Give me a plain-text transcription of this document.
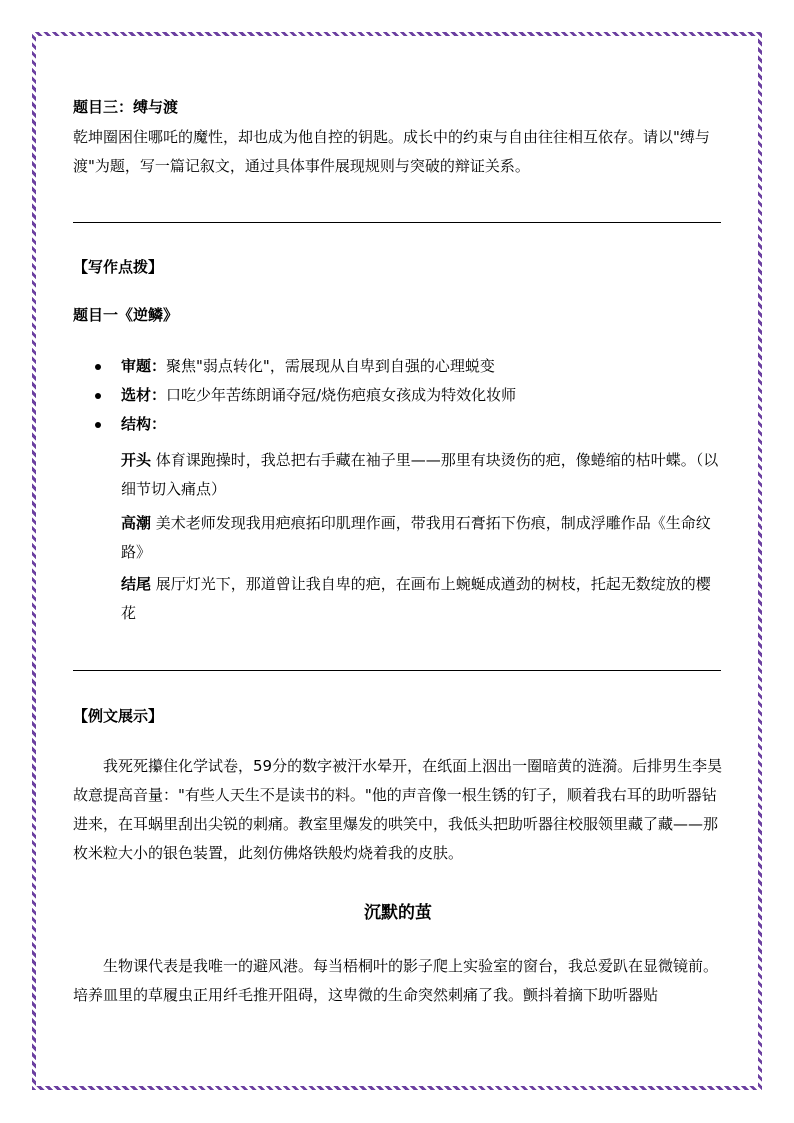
题目三：缚与渡

乾坤圈困住哪吒的魔性，却也成为他自控的钥匙。成长中的约束与自由往往相互依存。请以"缚与渡"为题，写一篇记叙文，通过具体事件展现规则与突破的辩证关系。

【写作点拨】

题目一《逆鳞》

审题：聚焦"弱点转化"，需展现从自卑到自强的心理蜕变
选材：口吃少年苦练朗诵夺冠/烧伤疤痕女孩成为特效化妆师
结构：
开头 体育课跑操时，我总把右手藏在袖子里——那里有块烫伤的疤，像蜷缩的枯叶蝶。（以细节切入痛点）
高潮 美术老师发现我用疤痕拓印肌理作画，带我用石膏拓下伤痕，制成浮雕作品《生命纹路》
结尾 展厅灯光下，那道曾让我自卑的疤，在画布上蜿蜒成遒劲的树枝，托起无数绽放的樱花

【例文展示】

我死死攥住化学试卷，59分的数字被汗水晕开，在纸面上洇出一圈暗黄的涟漪。后排男生李昊故意提高音量："有些人天生不是读书的料。"他的声音像一根生锈的钉子，顺着我右耳的助听器钻进来，在耳蜗里刮出尖锐的刺痛。教室里爆发的哄笑中，我低头把助听器往校服领里藏了藏——那枚米粒大小的银色装置，此刻仿佛烙铁般灼烧着我的皮肤。

沉默的茧

生物课代表是我唯一的避风港。每当梧桐叶的影子爬上实验室的窗台，我总爱趴在显微镜前。培养皿里的草履虫正用纤毛推开阻碍，这卑微的生命突然刺痛了我。颤抖着摘下助听器贴
